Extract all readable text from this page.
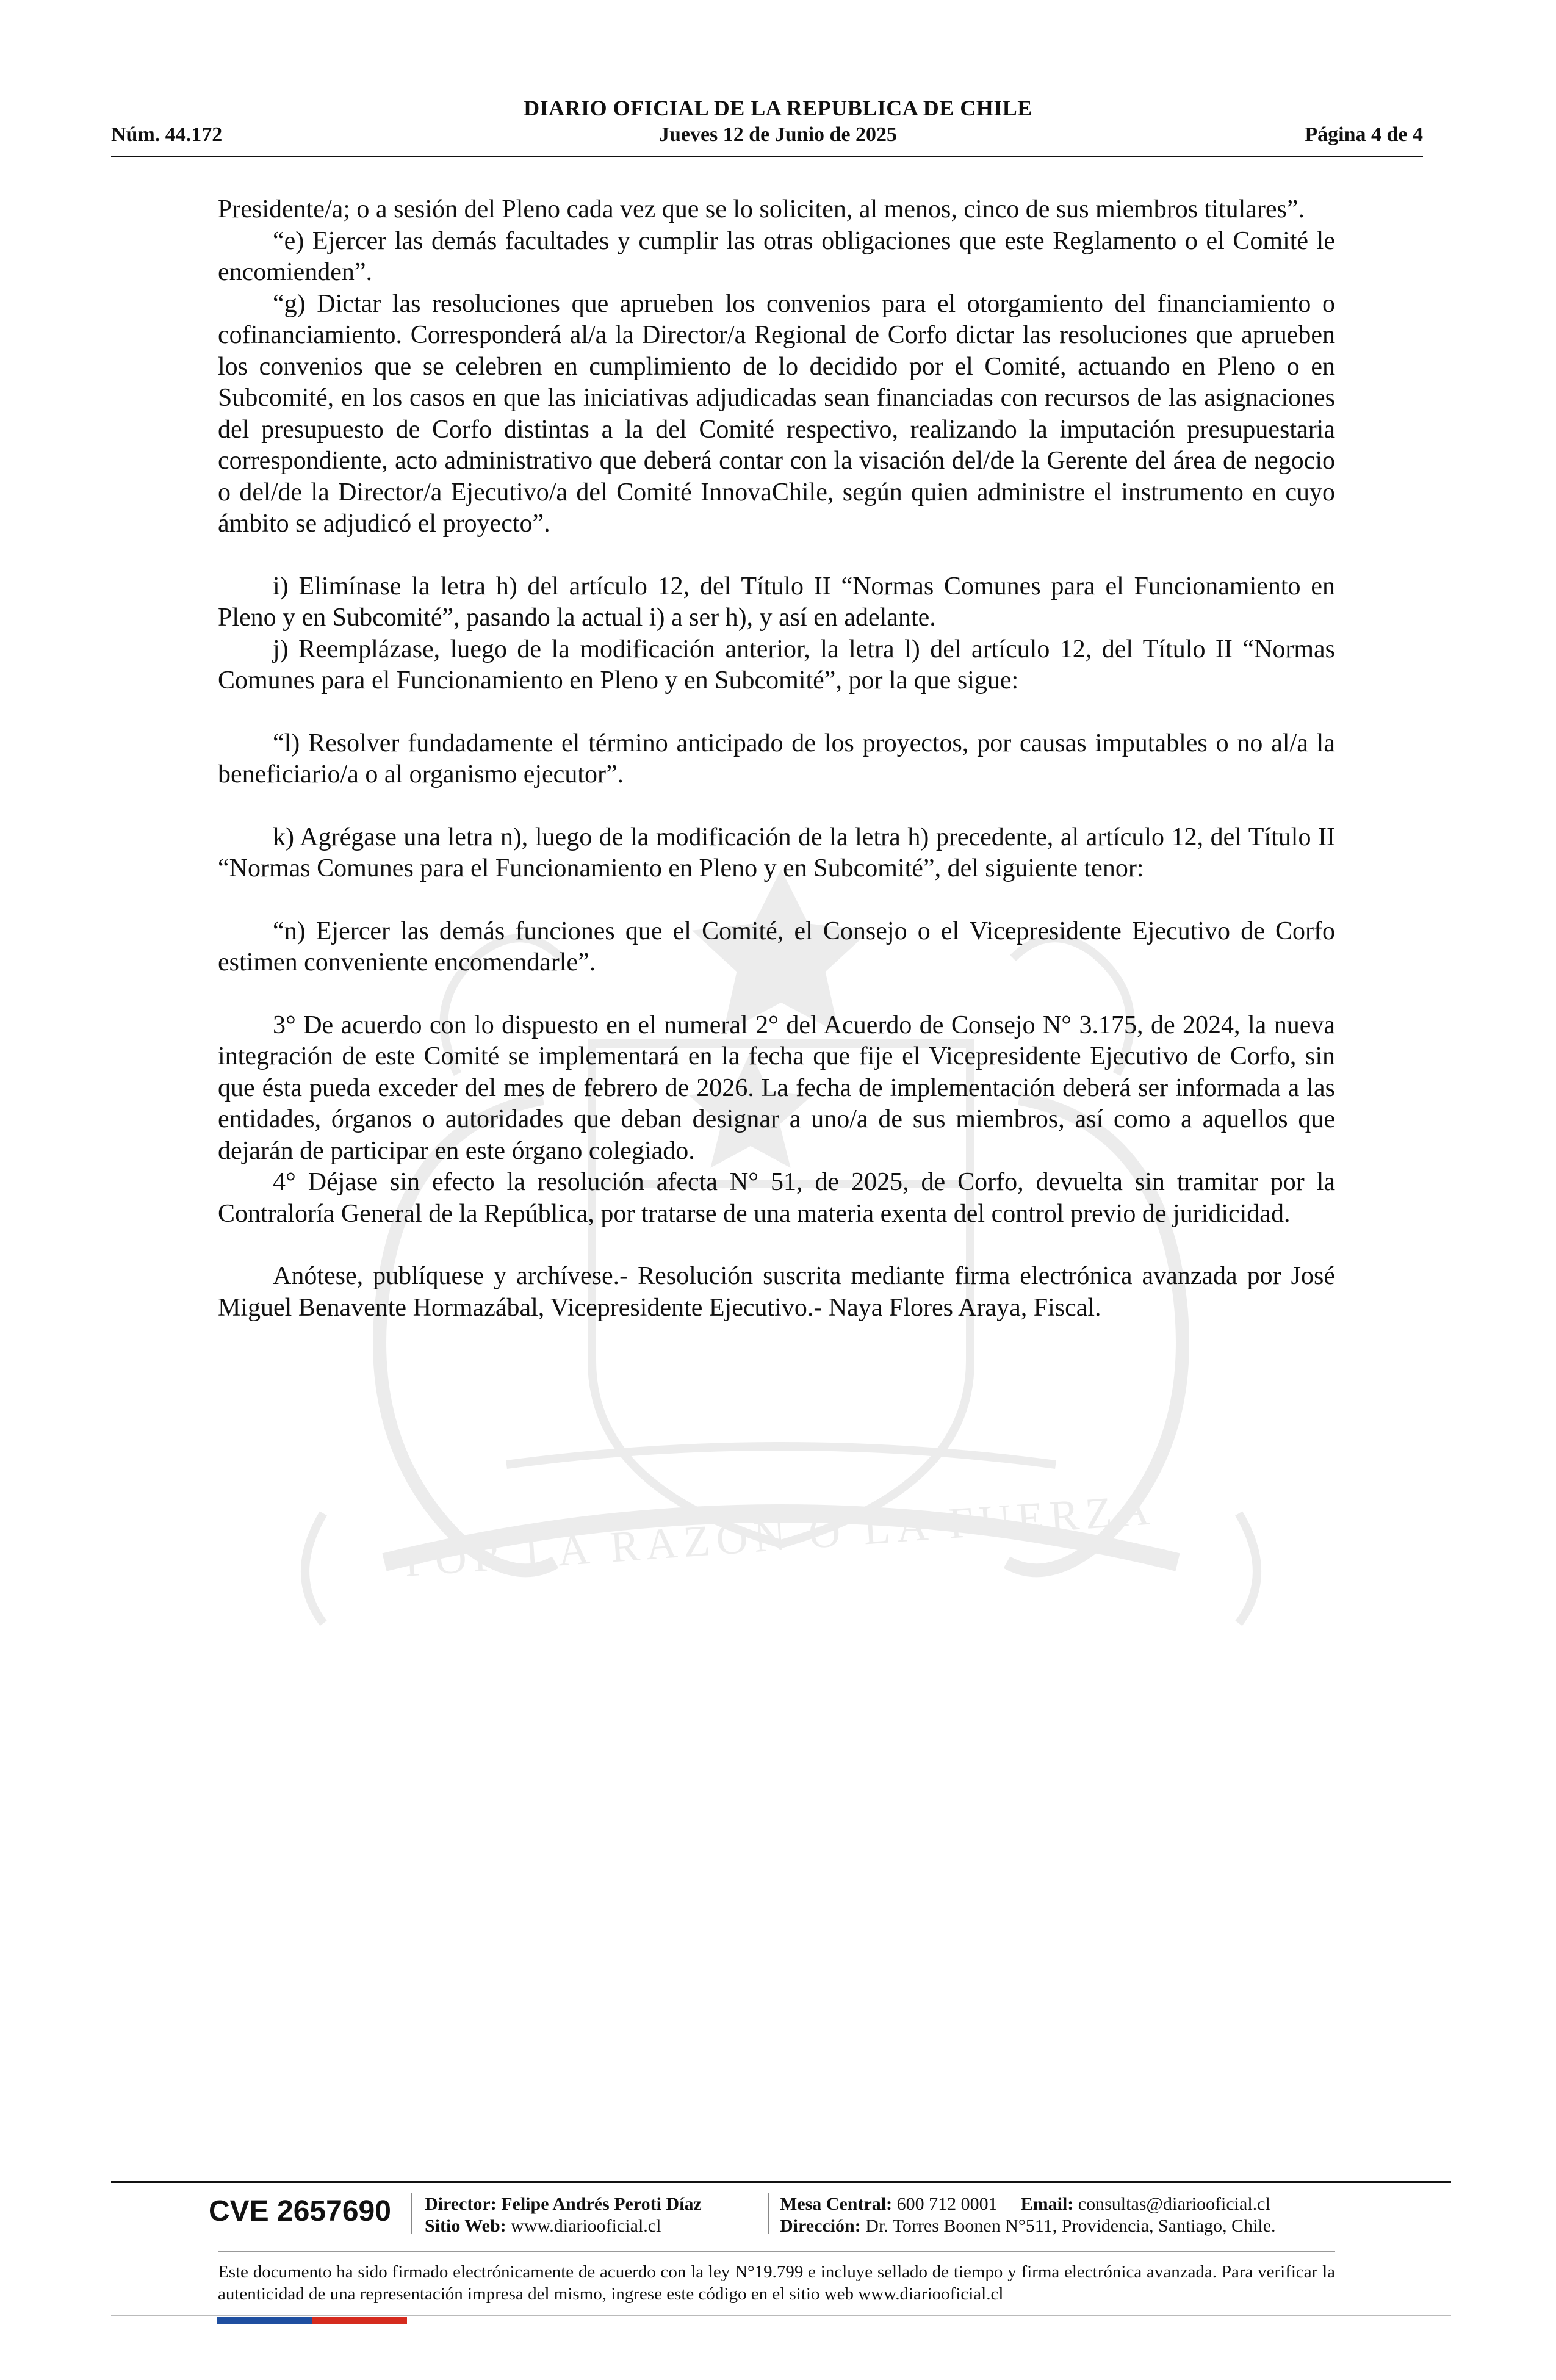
DIARIO OFICIAL DE LA REPUBLICA DE CHILE
Núm. 44.172	Jueves 12 de Junio de 2025	Página 4 de 4
POR LA RAZON O LA FUERZA

Presidente/a; o a sesión del Pleno cada vez que se lo soliciten, al menos, cinco de sus miembros titulares”.

“e) Ejercer las demás facultades y cumplir las otras obligaciones que este Reglamento o el Comité le encomienden”.

“g) Dictar las resoluciones que aprueben los convenios para el otorgamiento del financiamiento o cofinanciamiento. Corresponderá al/a la Director/a Regional de Corfo dictar las resoluciones que aprueben los convenios que se celebren en cumplimiento de lo decidido por el Comité, actuando en Pleno o en Subcomité, en los casos en que las iniciativas adjudicadas sean financiadas con recursos de las asignaciones del presupuesto de Corfo distintas a la del Comité respectivo, realizando la imputación presupuestaria correspondiente, acto administrativo que deberá contar con la visación del/de la Gerente del área de negocio o del/de la Director/a Ejecutivo/a del Comité InnovaChile, según quien administre el instrumento en cuyo ámbito se adjudicó el proyecto”.

i) Elimínase la letra h) del artículo 12, del Título II “Normas Comunes para el Funcionamiento en Pleno y en Subcomité”, pasando la actual i) a ser h), y así en adelante.

j) Reemplázase, luego de la modificación anterior, la letra l) del artículo 12, del Título II “Normas Comunes para el Funcionamiento en Pleno y en Subcomité”, por la que sigue:

“l) Resolver fundadamente el término anticipado de los proyectos, por causas imputables o no al/a la beneficiario/a o al organismo ejecutor”.

k) Agrégase una letra n), luego de la modificación de la letra h) precedente, al artículo 12, del Título II “Normas Comunes para el Funcionamiento en Pleno y en Subcomité”, del siguiente tenor:

“n) Ejercer las demás funciones que el Comité, el Consejo o el Vicepresidente Ejecutivo de Corfo estimen conveniente encomendarle”.

3° De acuerdo con lo dispuesto en el numeral 2° del Acuerdo de Consejo N° 3.175, de 2024, la nueva integración de este Comité se implementará en la fecha que fije el Vicepresidente Ejecutivo de Corfo, sin que ésta pueda exceder del mes de febrero de 2026. La fecha de implementación deberá ser informada a las entidades, órganos o autoridades que deban designar a uno/a de sus miembros, así como a aquellos que dejarán de participar en este órgano colegiado.

4° Déjase sin efecto la resolución afecta N° 51, de 2025, de Corfo, devuelta sin tramitar por la Contraloría General de la República, por tratarse de una materia exenta del control previo de juridicidad.

Anótese, publíquese y archívese.- Resolución suscrita mediante firma electrónica avanzada por José Miguel Benavente Hormazábal, Vicepresidente Ejecutivo.- Naya Flores Araya, Fiscal.

CVE 2657690 Director: Felipe Andrés Peroti Díaz
Sitio Web: www.diariooficial.cl
Mesa Central: 600 712 0001 Email: consultas@diariooficial.cl
Dirección: Dr. Torres Boonen N°511, Providencia, Santiago, Chile.
Este documento ha sido firmado electrónicamente de acuerdo con la ley N°19.799 e incluye sellado de tiempo y firma electrónica avanzada. Para verificar la autenticidad de una representación impresa del mismo, ingrese este código en el sitio web www.diariooficial.cl
